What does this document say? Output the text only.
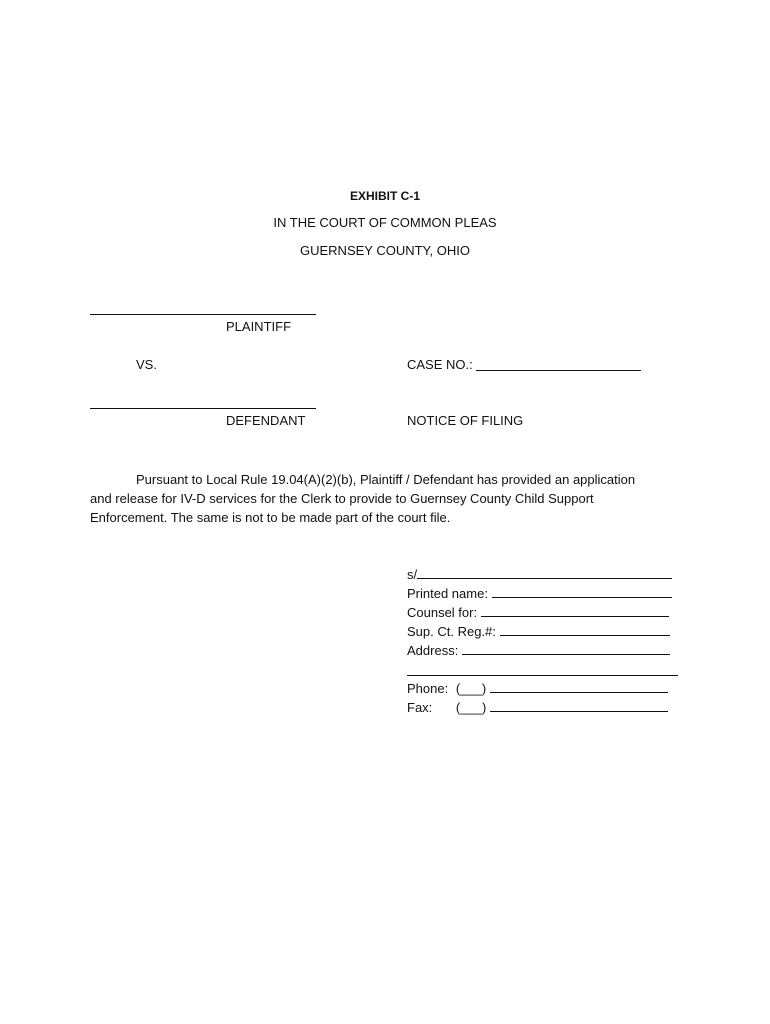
EXHIBIT C-1
IN THE COURT OF COMMON PLEAS
GUERNSEY COUNTY, OHIO
PLAINTIFF
VS.	CASE NO.:
DEFENDANT	NOTICE OF FILING
Pursuant to Local Rule 19.04(A)(2)(b), Plaintiff / Defendant has provided an application
and release for IV-D services for the Clerk to provide to Guernsey County Child Support
Enforcement. The same is not to be made part of the court file.
s/
Printed name:
Counsel for:
Sup. Ct. Reg.#:
Address:
Phone: (___)
Fax: (___)
